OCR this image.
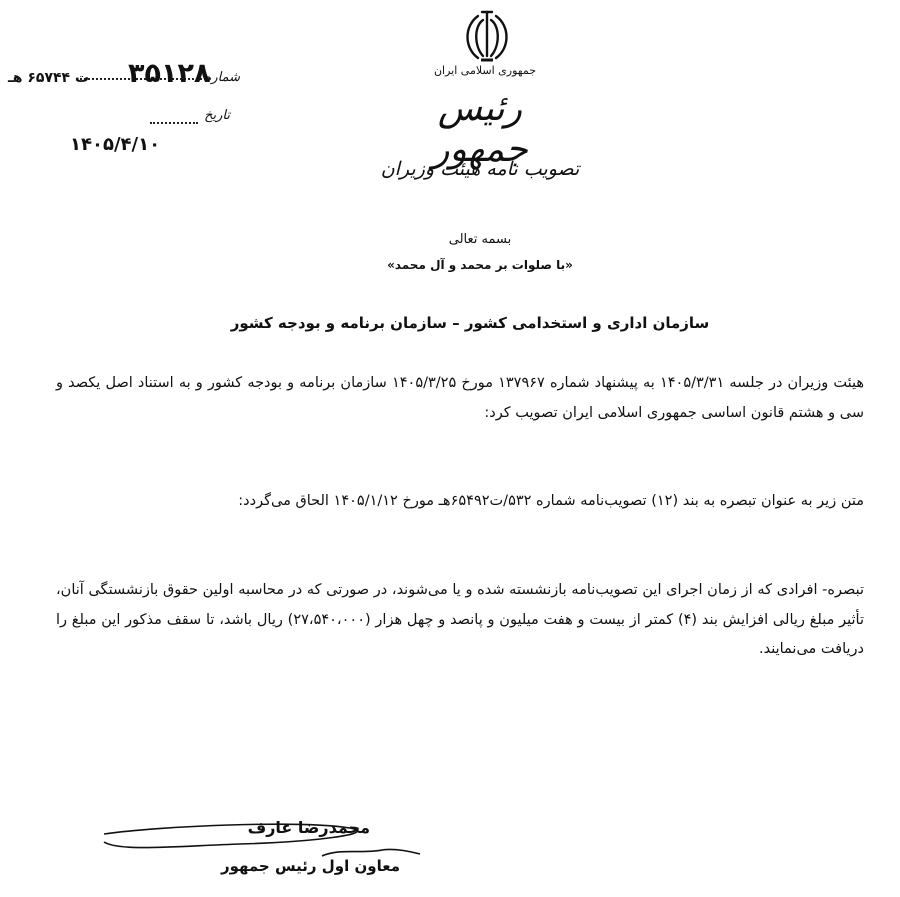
جمهوری اسلامی ایران
رئیس جمهور
تصویب نامه هیئت وزیران
شماره
۳۵۱۲۸
ت ۶۵۷۴۴ هـ
تاریخ
۱۴۰۵/۴/۱۰
بسمه تعالی
«با صلوات بر محمد و آل محمد»
سازمان اداری و استخدامی کشور – سازمان برنامه و بودجه کشور
هیئت وزیران در جلسه ۱۴۰۵/۳/۳۱ به پیشنهاد شماره ۱۳۷۹۶۷ مورخ ۱۴۰۵/۳/۲۵ سازمان برنامه و بودجه کشور و به استناد اصل یکصد و سی و هشتم قانون اساسی جمهوری اسلامی ایران تصویب کرد:
متن زیر به عنوان تبصره به بند (۱۲) تصویب‌نامه شماره ۵۳۲/ت۶۵۴۹۲هـ مورخ ۱۴۰۵/۱/۱۲ الحاق می‌گردد:
تبصره- افرادی که از زمان اجرای این تصویب‌نامه بازنشسته شده و یا می‌شوند، در صورتی که در محاسبه اولین حقوق بازنشستگی آنان، تأثیر مبلغ ریالی افزایش بند (۴) کمتر از بیست و هفت میلیون و پانصد و چهل هزار (۲۷،۵۴۰،۰۰۰) ریال باشد، تا سقف مذکور این مبلغ را دریافت می‌نمایند.
محمدرضا عارف
معاون اول رئیس جمهور
